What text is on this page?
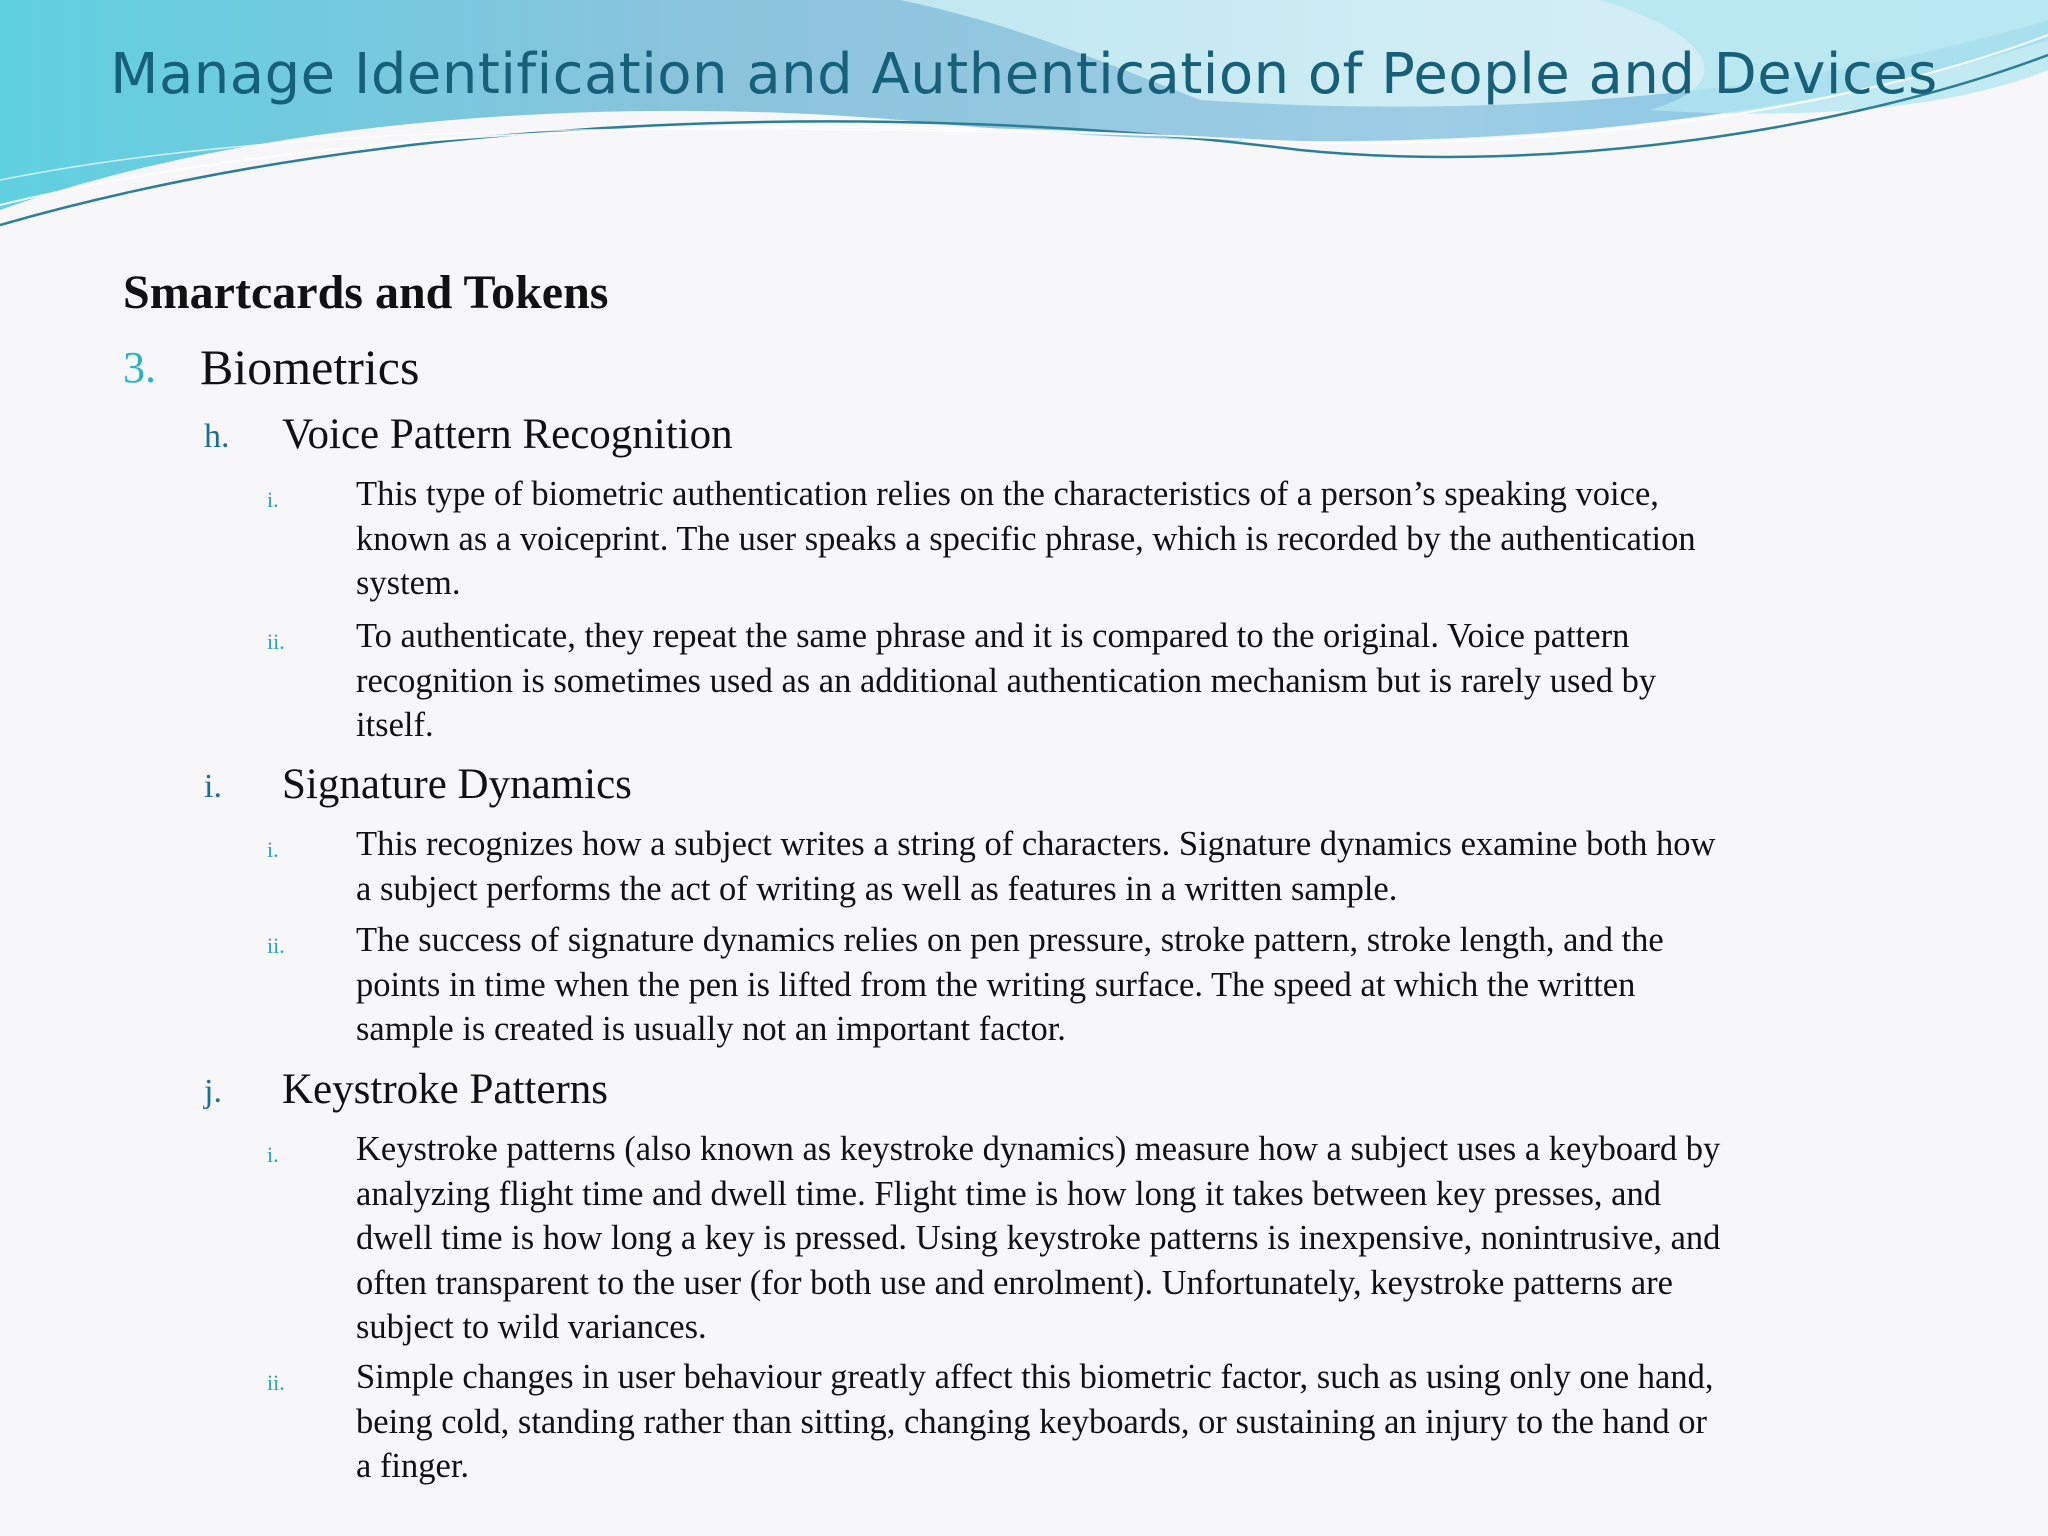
Manage Identification and Authentication of People and Devices
Smartcards and Tokens
3. Biometrics
h. Voice Pattern Recognition
i. This type of biometric authentication relies on the characteristics of a person’s speaking voice,
known as a voiceprint. The user speaks a specific phrase, which is recorded by the authentication
system.
ii. To authenticate, they repeat the same phrase and it is compared to the original. Voice pattern
recognition is sometimes used as an additional authentication mechanism but is rarely used by
itself.
i. Signature Dynamics
i. This recognizes how a subject writes a string of characters. Signature dynamics examine both how
a subject performs the act of writing as well as features in a written sample.
ii. The success of signature dynamics relies on pen pressure, stroke pattern, stroke length, and the
points in time when the pen is lifted from the writing surface. The speed at which the written
sample is created is usually not an important factor.
j. Keystroke Patterns
i. Keystroke patterns (also known as keystroke dynamics) measure how a subject uses a keyboard by
analyzing flight time and dwell time. Flight time is how long it takes between key presses, and
dwell time is how long a key is pressed. Using keystroke patterns is inexpensive, nonintrusive, and
often transparent to the user (for both use and enrolment). Unfortunately, keystroke patterns are
subject to wild variances.
ii. Simple changes in user behaviour greatly affect this biometric factor, such as using only one hand,
being cold, standing rather than sitting, changing keyboards, or sustaining an injury to the hand or
a finger.
